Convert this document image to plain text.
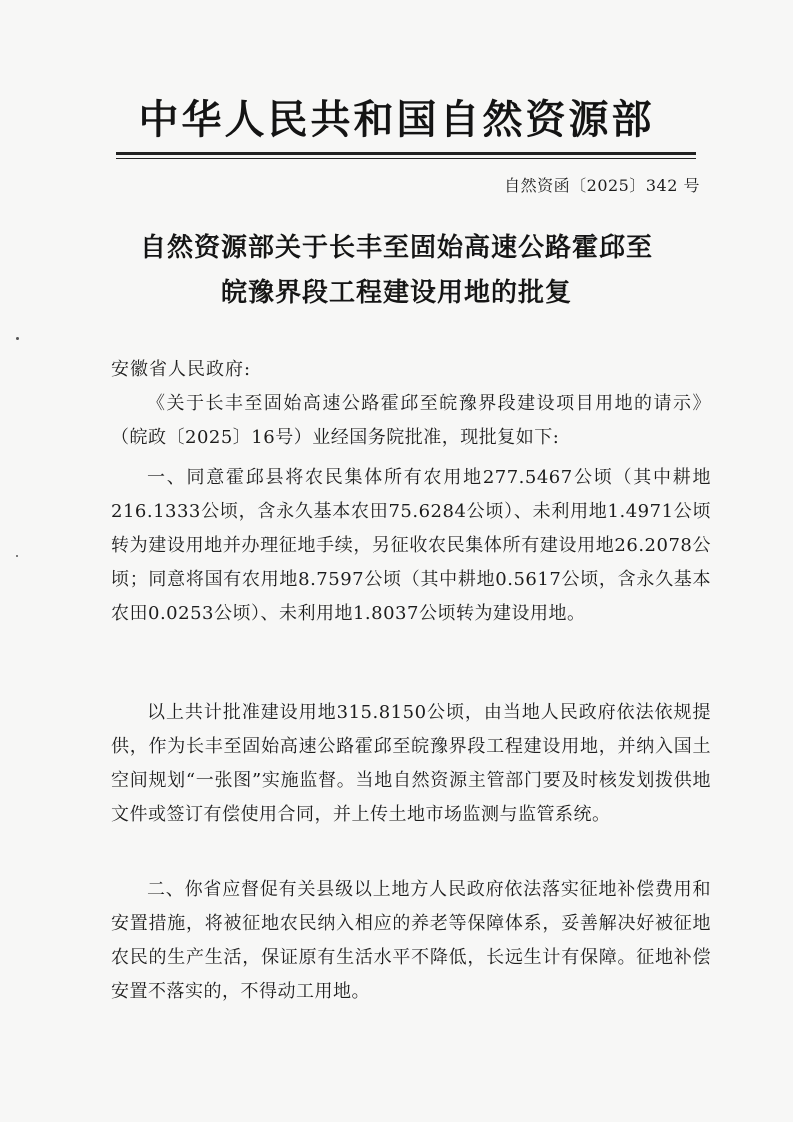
中华人民共和国自然资源部
自然资函〔2025〕342 号
自然资源部关于长丰至固始高速公路霍邱至
皖豫界段工程建设用地的批复
安徽省人民政府:

《关于长丰至固始高速公路霍邱至皖豫界段建设项目用地的请示》（皖政〔2025〕16号）业经国务院批准，现批复如下:

一、同意霍邱县将农民集体所有农用地277.5467公顷（其中耕地216.1333公顷，含永久基本农田75.6284公顷）、未利用地1.4971公顷转为建设用地并办理征地手续，另征收农民集体所有建设用地26.2078公顷；同意将国有农用地8.7597公顷（其中耕地0.5617公顷，含永久基本农田0.0253公顷）、未利用地1.8037公顷转为建设用地。

以上共计批准建设用地315.8150公顷，由当地人民政府依法依规提供，作为长丰至固始高速公路霍邱至皖豫界段工程建设用地，并纳入国土空间规划“一张图”实施监督。当地自然资源主管部门要及时核发划拨供地文件或签订有偿使用合同，并上传土地市场监测与监管系统。

二、你省应督促有关县级以上地方人民政府依法落实征地补偿费用和安置措施，将被征地农民纳入相应的养老等保障体系，妥善解决好被征地农民的生产生活，保证原有生活水平不降低，长远生计有保障。征地补偿安置不落实的，不得动工用地。
